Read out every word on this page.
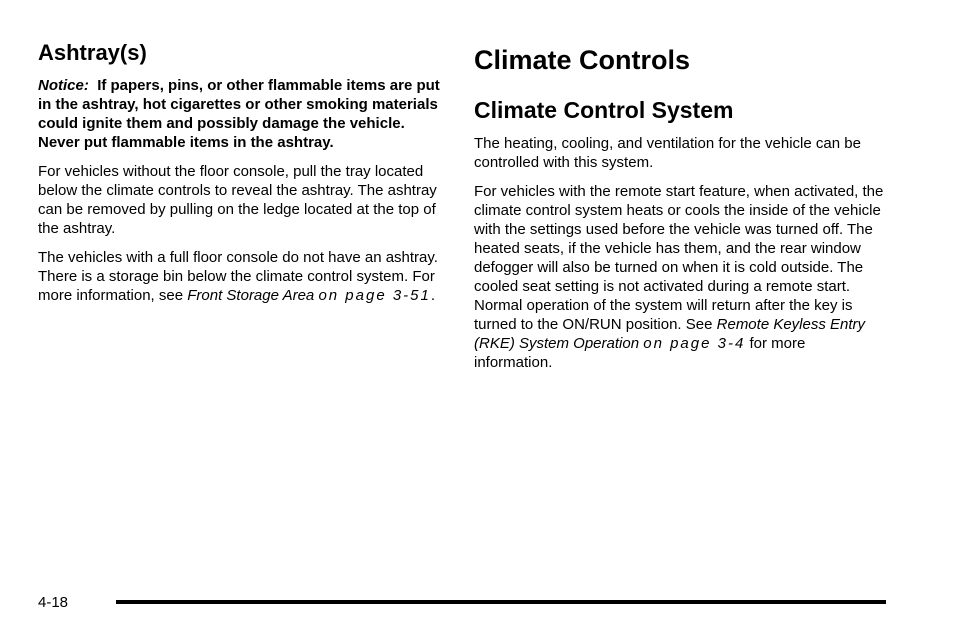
Ashtray(s)

Notice: If papers, pins, or other flammable items are put in the ashtray, hot cigarettes or other smoking materials could ignite them and possibly damage the vehicle. Never put flammable items in the ashtray.

For vehicles without the floor console, pull the tray located below the climate controls to reveal the ashtray. The ashtray can be removed by pulling on the ledge located at the top of the ashtray.

The vehicles with a full floor console do not have an ashtray. There is a storage bin below the climate control system. For more information, see Front Storage Area on page 3‑51.

Climate Controls
Climate Control System

The heating, cooling, and ventilation for the vehicle can be controlled with this system.

For vehicles with the remote start feature, when activated, the climate control system heats or cools the inside of the vehicle with the settings used before the vehicle was turned off. The heated seats, if the vehicle has them, and the rear window defogger will also be turned on when it is cold outside. The cooled seat setting is not activated during a remote start. Normal operation of the system will return after the key is turned to the ON/RUN position. See Remote Keyless Entry (RKE) System Operation on page 3‑4 for more information.

4-18
